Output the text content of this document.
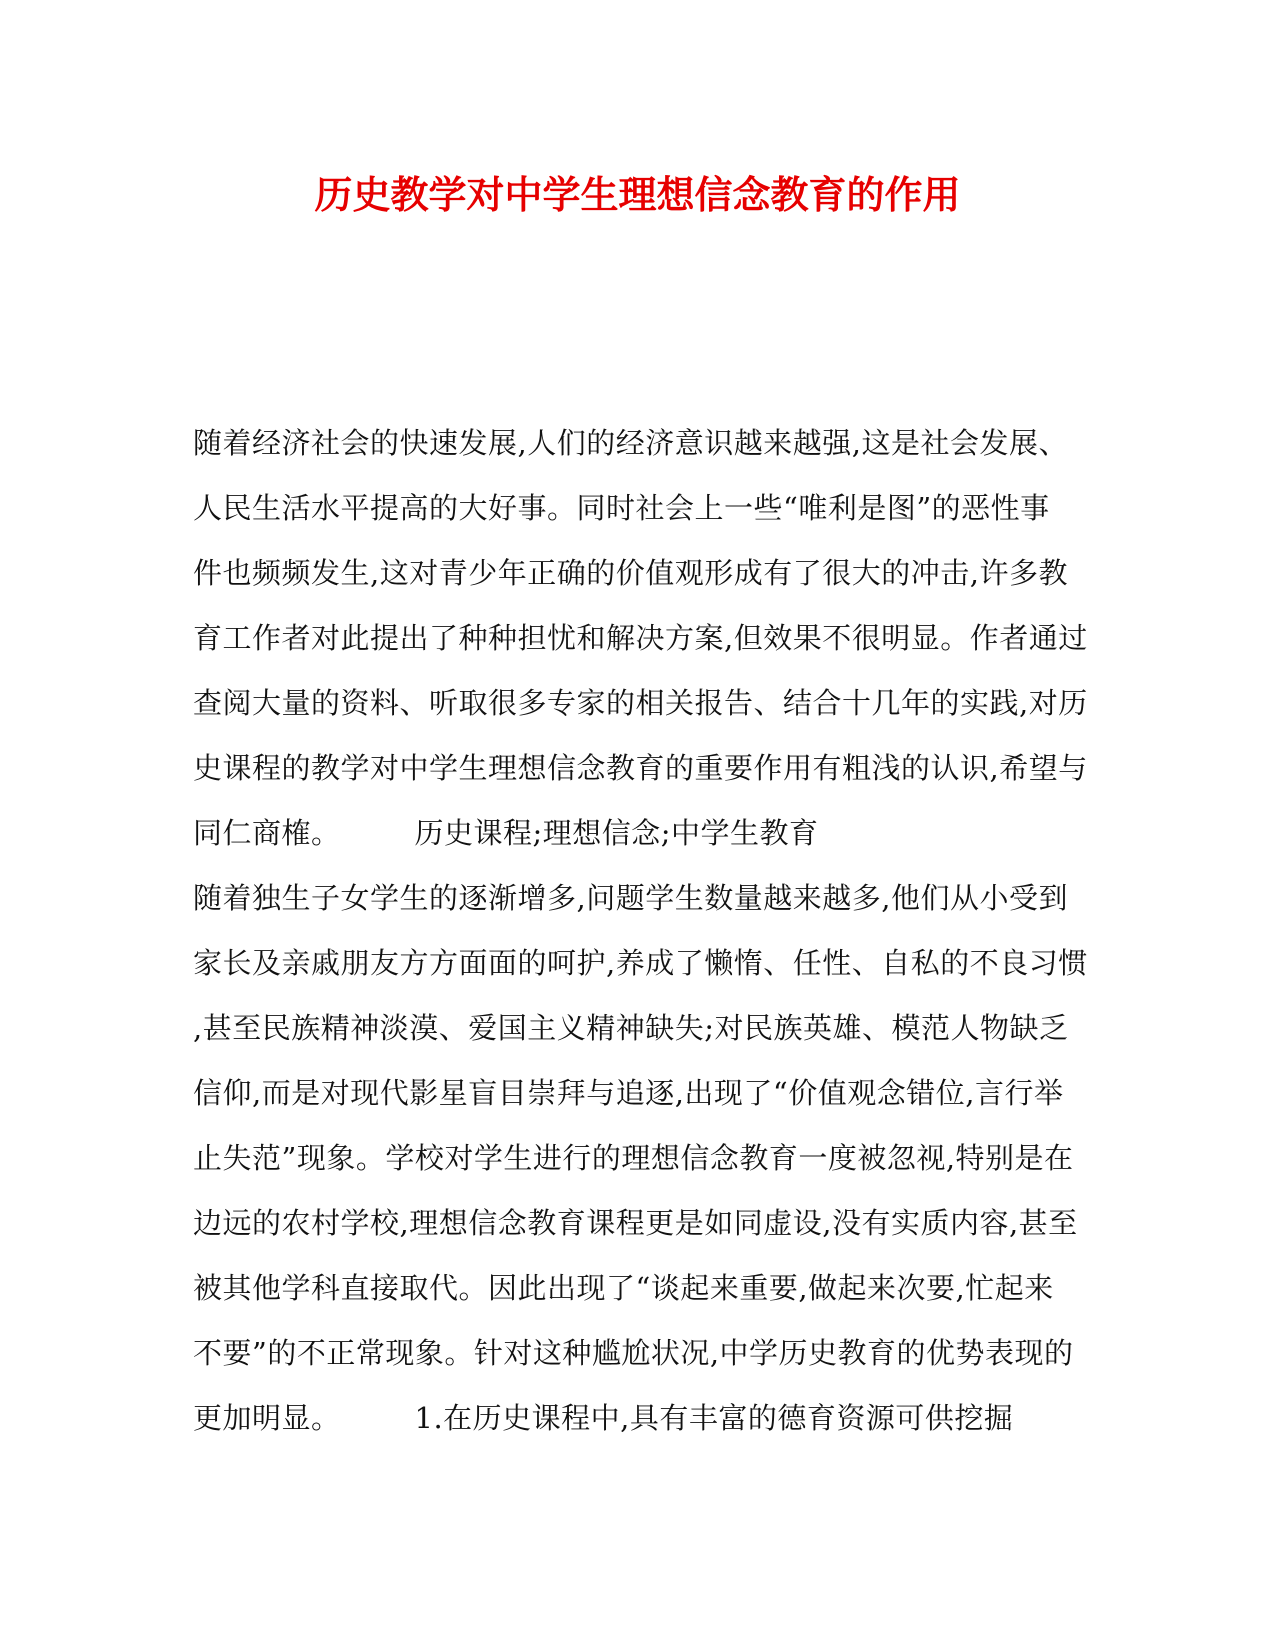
历史教学对中学生理想信念教育的作用
随着经济社会的快速发展,人们的经济意识越来越强,这是社会发展、
人民生活水平提高的大好事。同时社会上一些“唯利是图”的恶性事
件也频频发生,这对青少年正确的价值观形成有了很大的冲击,许多教
育工作者对此提出了种种担忧和解决方案,但效果不很明显。作者通过
查阅大量的资料、听取很多专家的相关报告、结合十几年的实践,对历
史课程的教学对中学生理想信念教育的重要作用有粗浅的认识,希望与
同仁商榷。　　　历史课程;理想信念;中学生教育
随着独生子女学生的逐渐增多,问题学生数量越来越多,他们从小受到
家长及亲戚朋友方方面面的呵护,养成了懒惰、任性、自私的不良习惯
,甚至民族精神淡漠、爱国主义精神缺失;对民族英雄、模范人物缺乏
信仰,而是对现代影星盲目崇拜与追逐,出现了“价值观念错位,言行举
止失范”现象。学校对学生进行的理想信念教育一度被忽视,特别是在
边远的农村学校,理想信念教育课程更是如同虚设,没有实质内容,甚至
被其他学科直接取代。因此出现了“谈起来重要,做起来次要,忙起来
不要”的不正常现象。针对这种尴尬状况,中学历史教育的优势表现的
更加明显。　　　1.在历史课程中,具有丰富的德育资源可供挖掘
